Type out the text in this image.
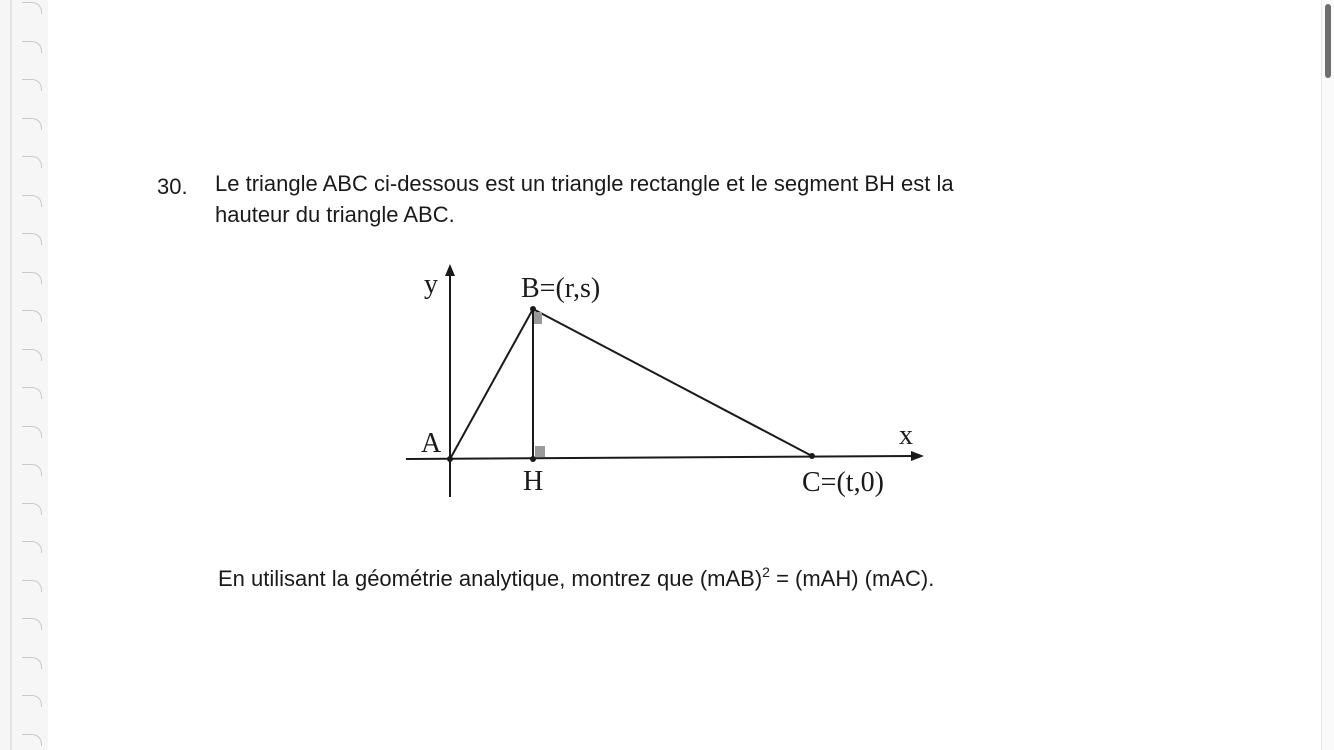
30. Le triangle ABC ci-dessous est un triangle rectangle et le segment BH est la
hauteur du triangle ABC.
y
x
A
B=(r,s)
H	C=(t,0)
En utilisant la géométrie analytique, montrez que (mAB)$^2$ = (mAH) (mAC).
